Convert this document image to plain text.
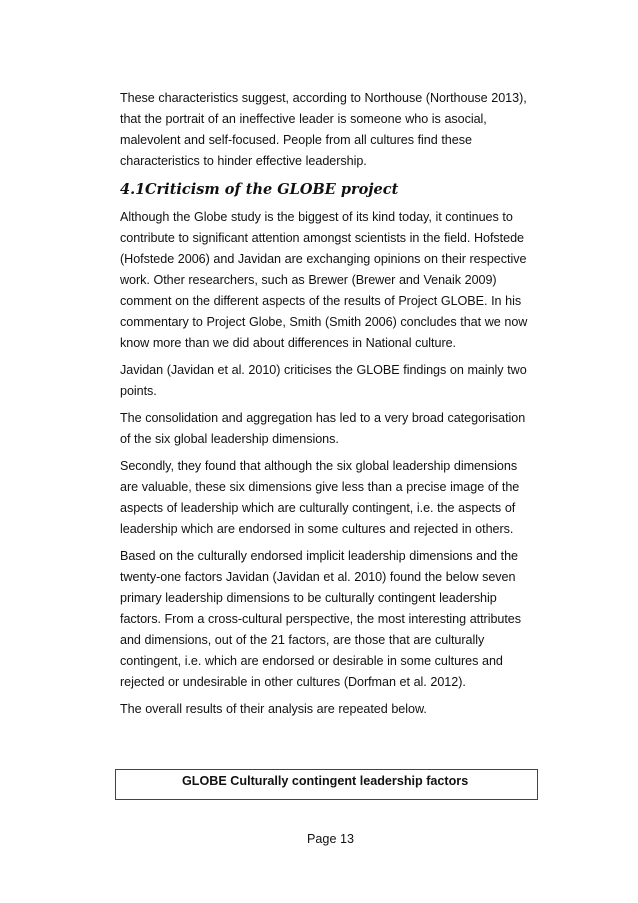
These characteristics suggest, according to Northouse (Northouse 2013),
that the portrait of an ineffective leader is someone who is asocial,
malevolent and self-focused. People from all cultures find these
characteristics to hinder effective leadership.

4.1Criticism of the GLOBE project

Although the Globe study is the biggest of its kind today, it continues to
contribute to significant attention amongst scientists in the field. Hofstede
(Hofstede 2006) and Javidan are exchanging opinions on their respective
work. Other researchers, such as Brewer (Brewer and Venaik 2009)
comment on the different aspects of the results of Project GLOBE. In his
commentary to Project Globe, Smith (Smith 2006) concludes that we now
know more than we did about differences in National culture.

Javidan (Javidan et al. 2010) criticises the GLOBE findings on mainly two
points.

The consolidation and aggregation has led to a very broad categorisation
of the six global leadership dimensions.

Secondly, they found that although the six global leadership dimensions
are valuable, these six dimensions give less than a precise image of the
aspects of leadership which are culturally contingent, i.e. the aspects of
leadership which are endorsed in some cultures and rejected in others.

Based on the culturally endorsed implicit leadership dimensions and the
twenty-one factors Javidan (Javidan et al. 2010) found the below seven
primary leadership dimensions to be culturally contingent leadership
factors. From a cross-cultural perspective, the most interesting attributes
and dimensions, out of the 21 factors, are those that are culturally
contingent, i.e. which are endorsed or desirable in some cultures and
rejected or undesirable in other cultures (Dorfman et al. 2012).

The overall results of their analysis are repeated below.

GLOBE Culturally contingent leadership factors
Page 13
